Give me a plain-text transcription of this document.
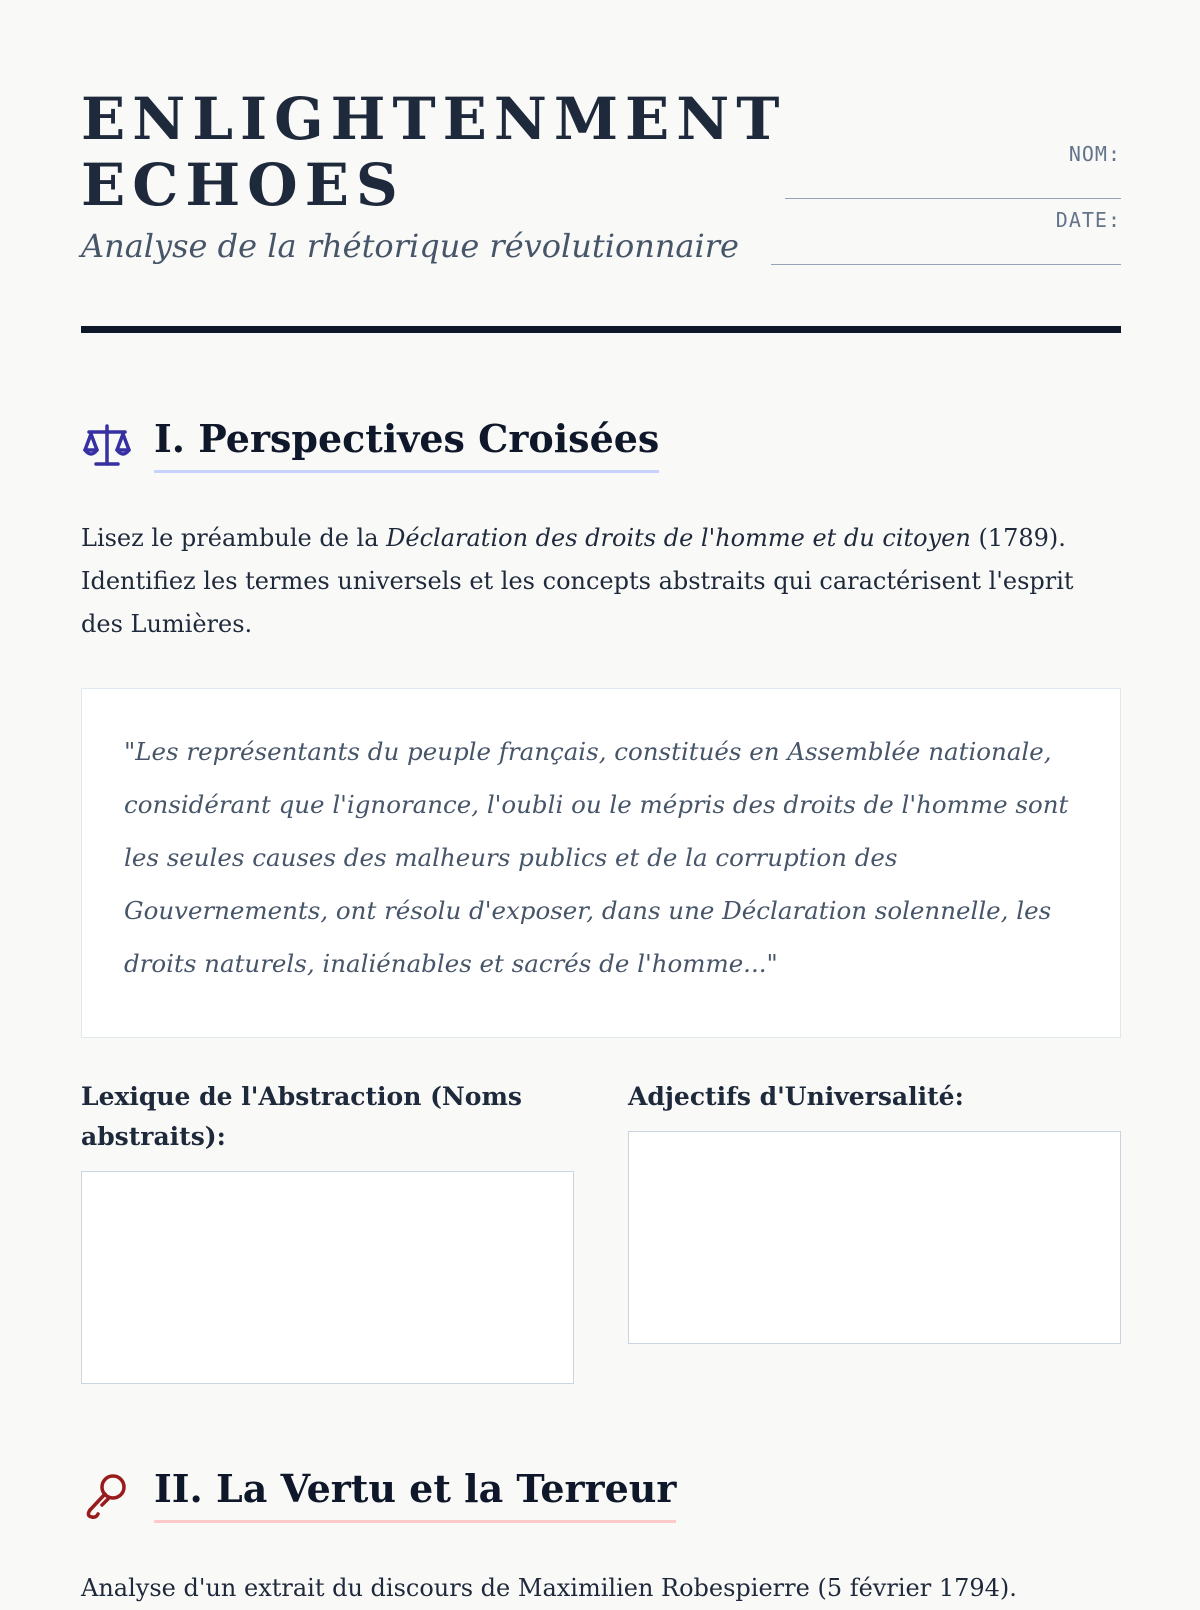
ENLIGHTENMENT
ECHOES

Analyse de la rhétorique révolutionnaire

NOM:
DATE:
I. Perspectives Croisées

Lisez le préambule de la Déclaration des droits de l'homme et du citoyen (1789). Identifiez les termes universels et les concepts abstraits qui caractérisent l'esprit des Lumières.

"Les représentants du peuple français, constitués en Assemblée nationale, considérant que l'ignorance, l'oubli ou le mépris des droits de l'homme sont les seules causes des malheurs publics et de la corruption des Gouvernements, ont résolu d'exposer, dans une Déclaration solennelle, les droits naturels, inaliénables et sacrés de l'homme..."

Lexique de l'Abstraction (Noms abstraits):

Adjectifs d'Universalité:

II. La Vertu et la Terreur

Analyse d'un extrait du discours de Maximilien Robespierre (5 février 1794).
